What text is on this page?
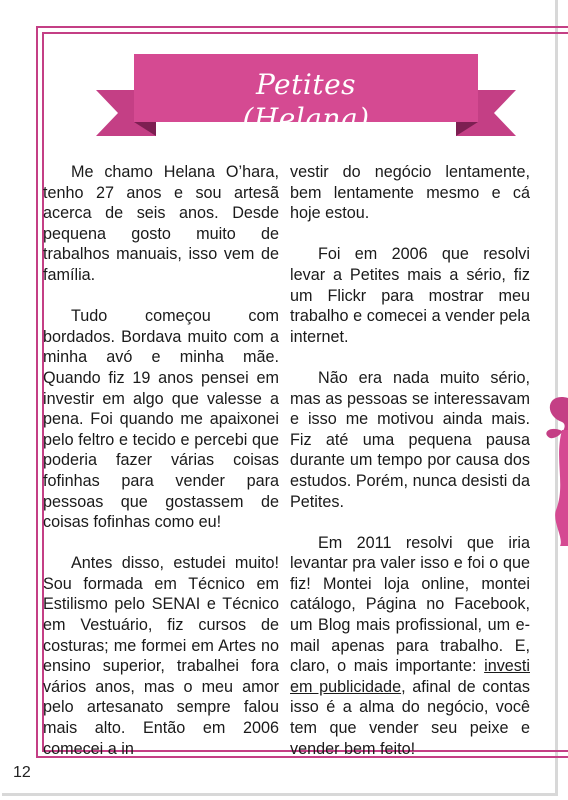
Petites (Helana)

Me chamo Helana O’hara, tenho 27 anos e sou artesã acerca de seis anos. Desde pequena gosto muito de trabalhos manuais, isso vem de família.

Tudo começou com bordados. Bordava muito com a minha avó e minha mãe. Quando fiz 19 anos pensei em investir em algo que valesse a pena. Foi quando me apaixonei pelo feltro e tecido e percebi que poderia fazer várias coisas fofinhas para vender para pessoas que gostassem de coisas fofinhas como eu!

Antes disso, estudei muito! Sou formada em Técnico em Estilismo pelo SENAI e Técnico em Vestuário, fiz cursos de costuras; me formei em Artes no ensino superior, trabalhei fora vários anos, mas o meu amor pelo artesanato sempre falou mais alto. Então em 2006 comecei a in

vestir do negócio lentamente, bem lentamente mesmo e cá hoje estou.

Foi em 2006 que resolvi levar a Petites mais a sério, fiz um Flickr para mostrar meu trabalho e comecei a vender pela internet.

Não era nada muito sério, mas as pessoas se interessavam e isso me motivou ainda mais. Fiz até uma pequena pausa durante um tempo por causa dos estudos. Porém, nunca desisti da Petites.

Em 2011 resolvi que iria levantar pra valer isso e foi o que fiz! Montei loja online, montei catálogo, Página no Facebook, um Blog mais profissional, um e-mail apenas para trabalho. E, claro, o mais importante: investi em publicidade, afinal de contas isso é a alma do negócio, você tem que vender seu peixe e vender bem feito!

12
